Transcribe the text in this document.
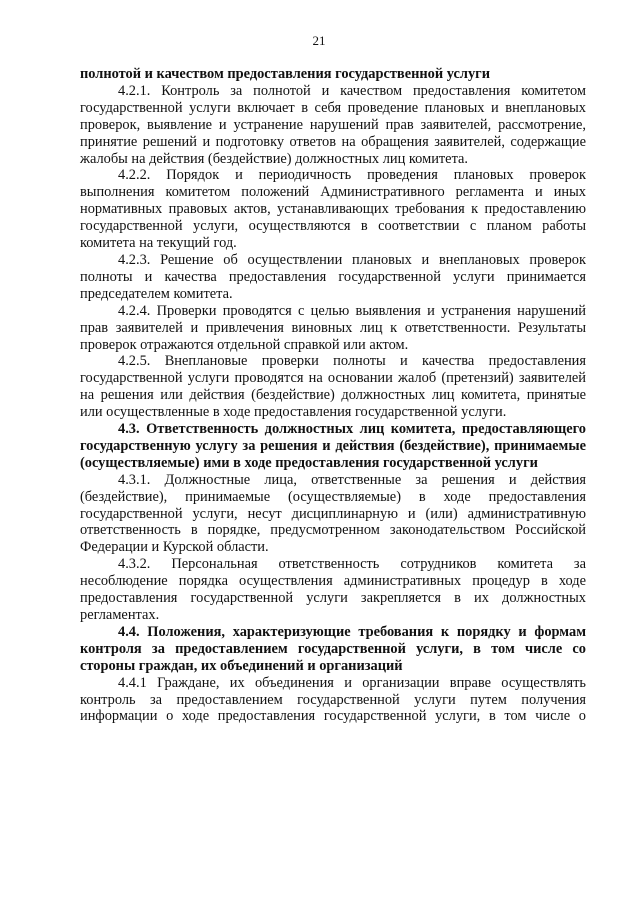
21

полнотой и качеством предоставления государственной услуги

4.2.1. Контроль за полнотой и качеством предоставления комитетом государственной услуги включает в себя проведение плановых и внеплановых проверок, выявление и устранение нарушений прав заявителей, рассмотрение, принятие решений и подготовку ответов на обращения заявителей, содержащие жалобы на действия (бездействие) должностных лиц комитета.

4.2.2. Порядок и периодичность проведения плановых проверок выполнения комитетом положений Административного регламента и иных нормативных правовых актов, устанавливающих требования к предоставлению государственной услуги, осуществляются в соответствии с планом работы комитета на текущий год.

4.2.3. Решение об осуществлении плановых и внеплановых проверок полноты и качества предоставления государственной услуги принимается председателем комитета.

4.2.4. Проверки проводятся с целью выявления и устранения нарушений прав заявителей и привлечения виновных лиц к ответственности. Результаты проверок отражаются отдельной справкой или актом.

4.2.5. Внеплановые проверки полноты и качества предоставления государственной услуги проводятся на основании жалоб (претензий) заявителей на решения или действия (бездействие) должностных лиц комитета, принятые или осуществленные в ходе предоставления государственной услуги.

4.3. Ответственность должностных лиц комитета, предоставляющего государственную услугу за решения и действия (бездействие), принимаемые (осуществляемые) ими в ходе предоставления государственной услуги

4.3.1. Должностные лица, ответственные за решения и действия (бездействие), принимаемые (осуществляемые) в ходе предоставления государственной услуги, несут дисциплинарную и (или) административную ответственность в порядке, предусмотренном законодательством Российской Федерации и Курской области.

4.3.2. Персональная ответственность сотрудников комитета за несоблюдение порядка осуществления административных процедур в ходе предоставления государственной услуги закрепляется в их должностных регламентах.

4.4. Положения, характеризующие требования к порядку и формам контроля за предоставлением государственной услуги, в том числе со стороны граждан, их объединений и организаций

4.4.1 Граждане, их объединения и организации вправе осуществлять контроль за предоставлением государственной услуги путем получения информации о ходе предоставления государственной услуги, в том числе о
